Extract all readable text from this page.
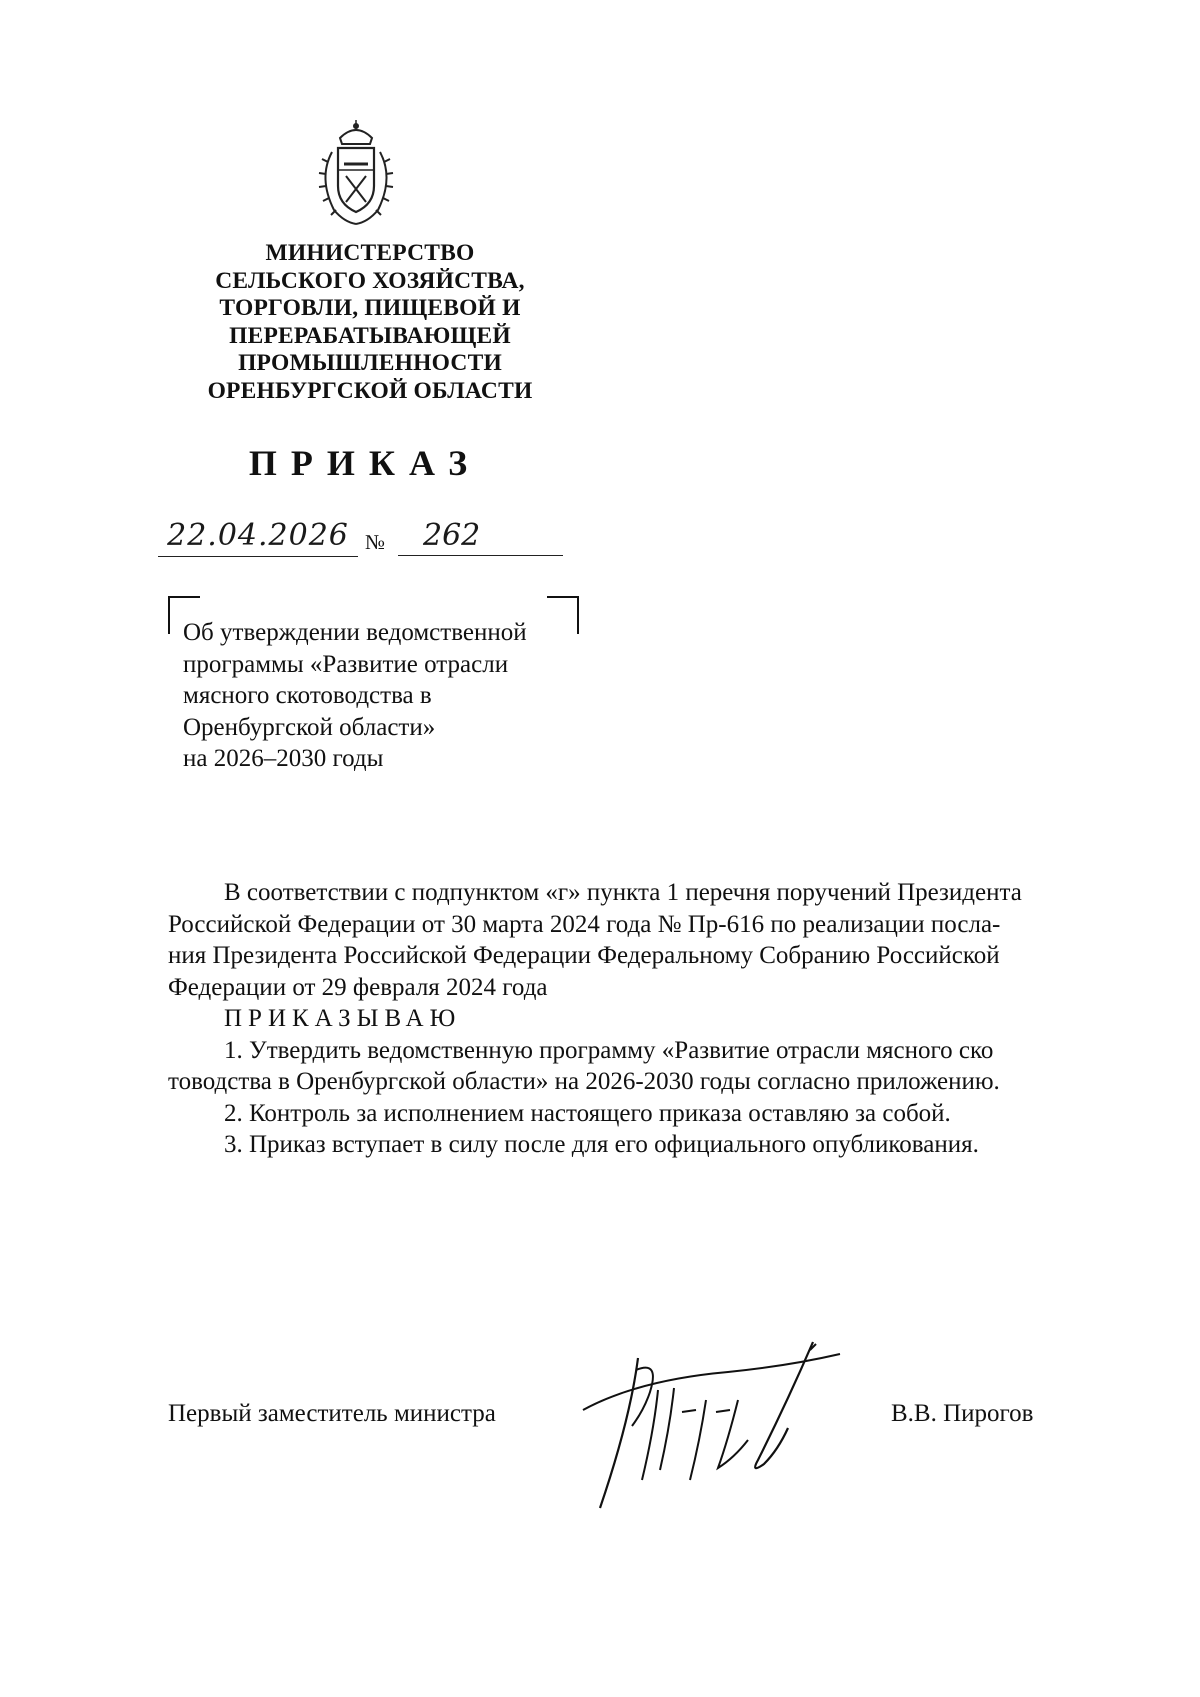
МИНИСТЕРСТВО
СЕЛЬСКОГО ХОЗЯЙСТВА,
ТОРГОВЛИ, ПИЩЕВОЙ И
ПЕРЕРАБАТЫВАЮЩЕЙ
ПРОМЫШЛЕННОСТИ
ОРЕНБУРГСКОЙ ОБЛАСТИ
ПРИКАЗ
22.04.2026 №	262
Об утверждении ведомственной
программы «Развитие отрасли
мясного скотоводства в
Оренбургской области»
на 2026–2030 годы
В соответствии с подпунктом «г» пункта 1 перечня поручений Президента
Российской Федерации от 30 марта 2024 года № Пр-616 по реализации посла-
ния Президента Российской Федерации Федеральному Собранию Российской
Федерации от 29 февраля 2024 года
ПРИКАЗЫВАЮ
1. Утвердить ведомственную программу «Развитие отрасли мясного ско
товодства в Оренбургской области» на 2026-2030 годы согласно приложению.
2. Контроль за исполнением настоящего приказа оставляю за собой.
3. Приказ вступает в силу после для его официального опубликования.
Первый заместитель министра	В.В. Пирогов
